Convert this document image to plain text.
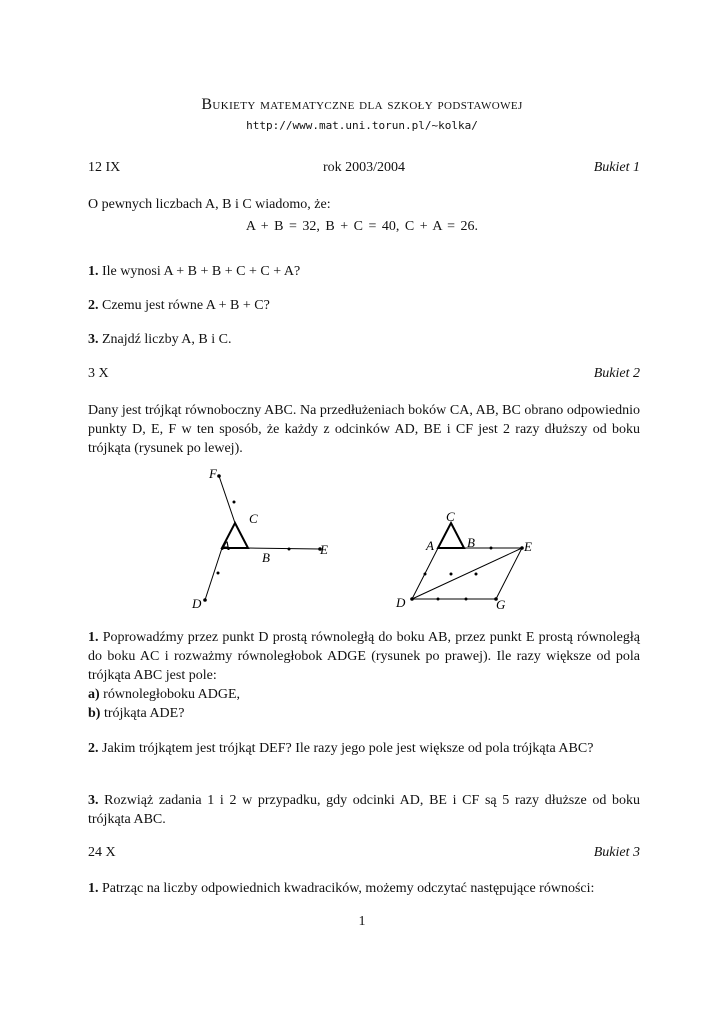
Bukiety matematyczne dla szkoły podstawowej
http://www.mat.uni.torun.pl/~kolka/
12 IX	rok 2003/2004	Bukiet 1
O pewnych liczbach A, B i C wiadomo, że:
A + B = 32, B + C = 40, C + A = 26.
1. Ile wynosi A + B + B + C + C + A?
2. Czemu jest równe A + B + C?
3. Znajdź liczby A, B i C.
3 X	Bukiet 2
Dany jest trójkąt równoboczny ABC. Na przedłużeniach boków CA, AB, BC obrano odpowiednio punkty D, E, F w ten sposób, że każdy z odcinków AD, BE i CF jest 2 razy dłuższy od boku trójkąta (rysunek po lewej).
F
C
A
B
E
D
C
A	B	E
D	G
1. Poprowadźmy przez punkt D prostą równoległą do boku AB, przez punkt E prostą równoległą do boku AC i rozważmy równoległobok ADGE (rysunek po prawej). Ile razy większe od pola trójkąta ABC jest pole:
a) równoległoboku ADGE,
b) trójkąta ADE?
2. Jakim trójkątem jest trójkąt DEF? Ile razy jego pole jest większe od pola trójkąta ABC?
3. Rozwiąż zadania 1 i 2 w przypadku, gdy odcinki AD, BE i CF są 5 razy dłuższe od boku trójkąta ABC.
24 X	Bukiet 3
1. Patrząc na liczby odpowiednich kwadracików, możemy odczytać następujące równości:
1
